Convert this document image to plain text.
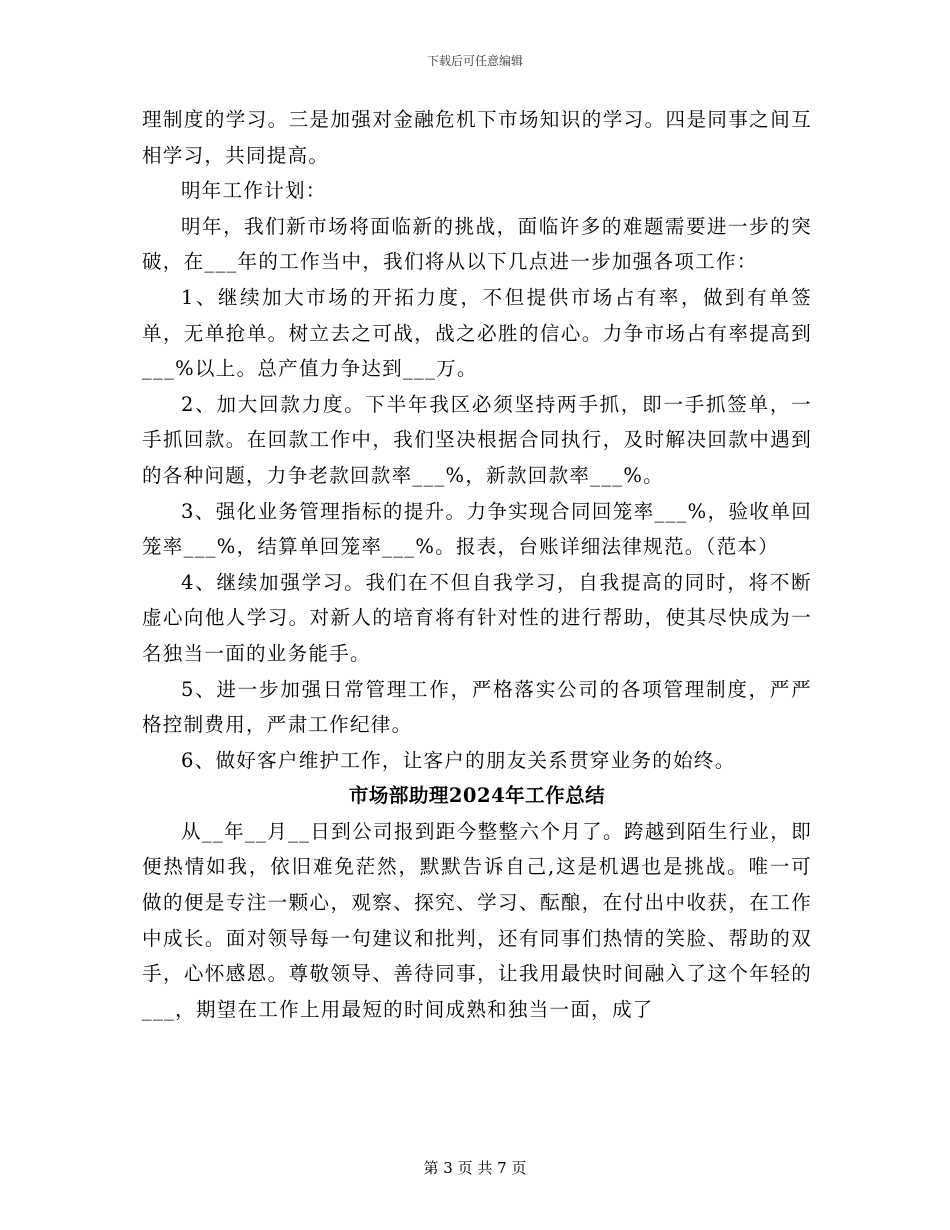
下载后可任意编辑

理制度的学习。三是加强对金融危机下市场知识的学习。四是同事之间互相学习，共同提高。

明年工作计划：

明年，我们新市场将面临新的挑战，面临许多的难题需要进一步的突破，在___年的工作当中，我们将从以下几点进一步加强各项工作：

1、继续加大市场的开拓力度，不但提供市场占有率，做到有单签单，无单抢单。树立去之可战，战之必胜的信心。力争市场占有率提高到___%以上。总产值力争达到___万。

2、加大回款力度。下半年我区必须坚持两手抓，即一手抓签单，一手抓回款。在回款工作中，我们坚决根据合同执行，及时解决回款中遇到的各种问题，力争老款回款率___%，新款回款率___%。

3、强化业务管理指标的提升。力争实现合同回笼率___%，验收单回笼率___%，结算单回笼率___%。报表，台账详细法律规范。（范本）

4、继续加强学习。我们在不但自我学习，自我提高的同时，将不断虚心向他人学习。对新人的培育将有针对性的进行帮助，使其尽快成为一名独当一面的业务能手。

5、进一步加强日常管理工作，严格落实公司的各项管理制度，严严格控制费用，严肃工作纪律。

6、做好客户维护工作，让客户的朋友关系贯穿业务的始终。

市场部助理2024年工作总结

从__年__月__日到公司报到距今整整六个月了。跨越到陌生行业，即便热情如我，依旧难免茫然，默默告诉自己,这是机遇也是挑战。唯一可做的便是专注一颗心，观察、探究、学习、酝酿，在付出中收获，在工作中成长。面对领导每一句建议和批判，还有同事们热情的笑脸、帮助的双手，心怀感恩。尊敬领导、善待同事，让我用最快时间融入了这个年轻的___，期望在工作上用最短的时间成熟和独当一面，成了

第 3 页 共 7 页
